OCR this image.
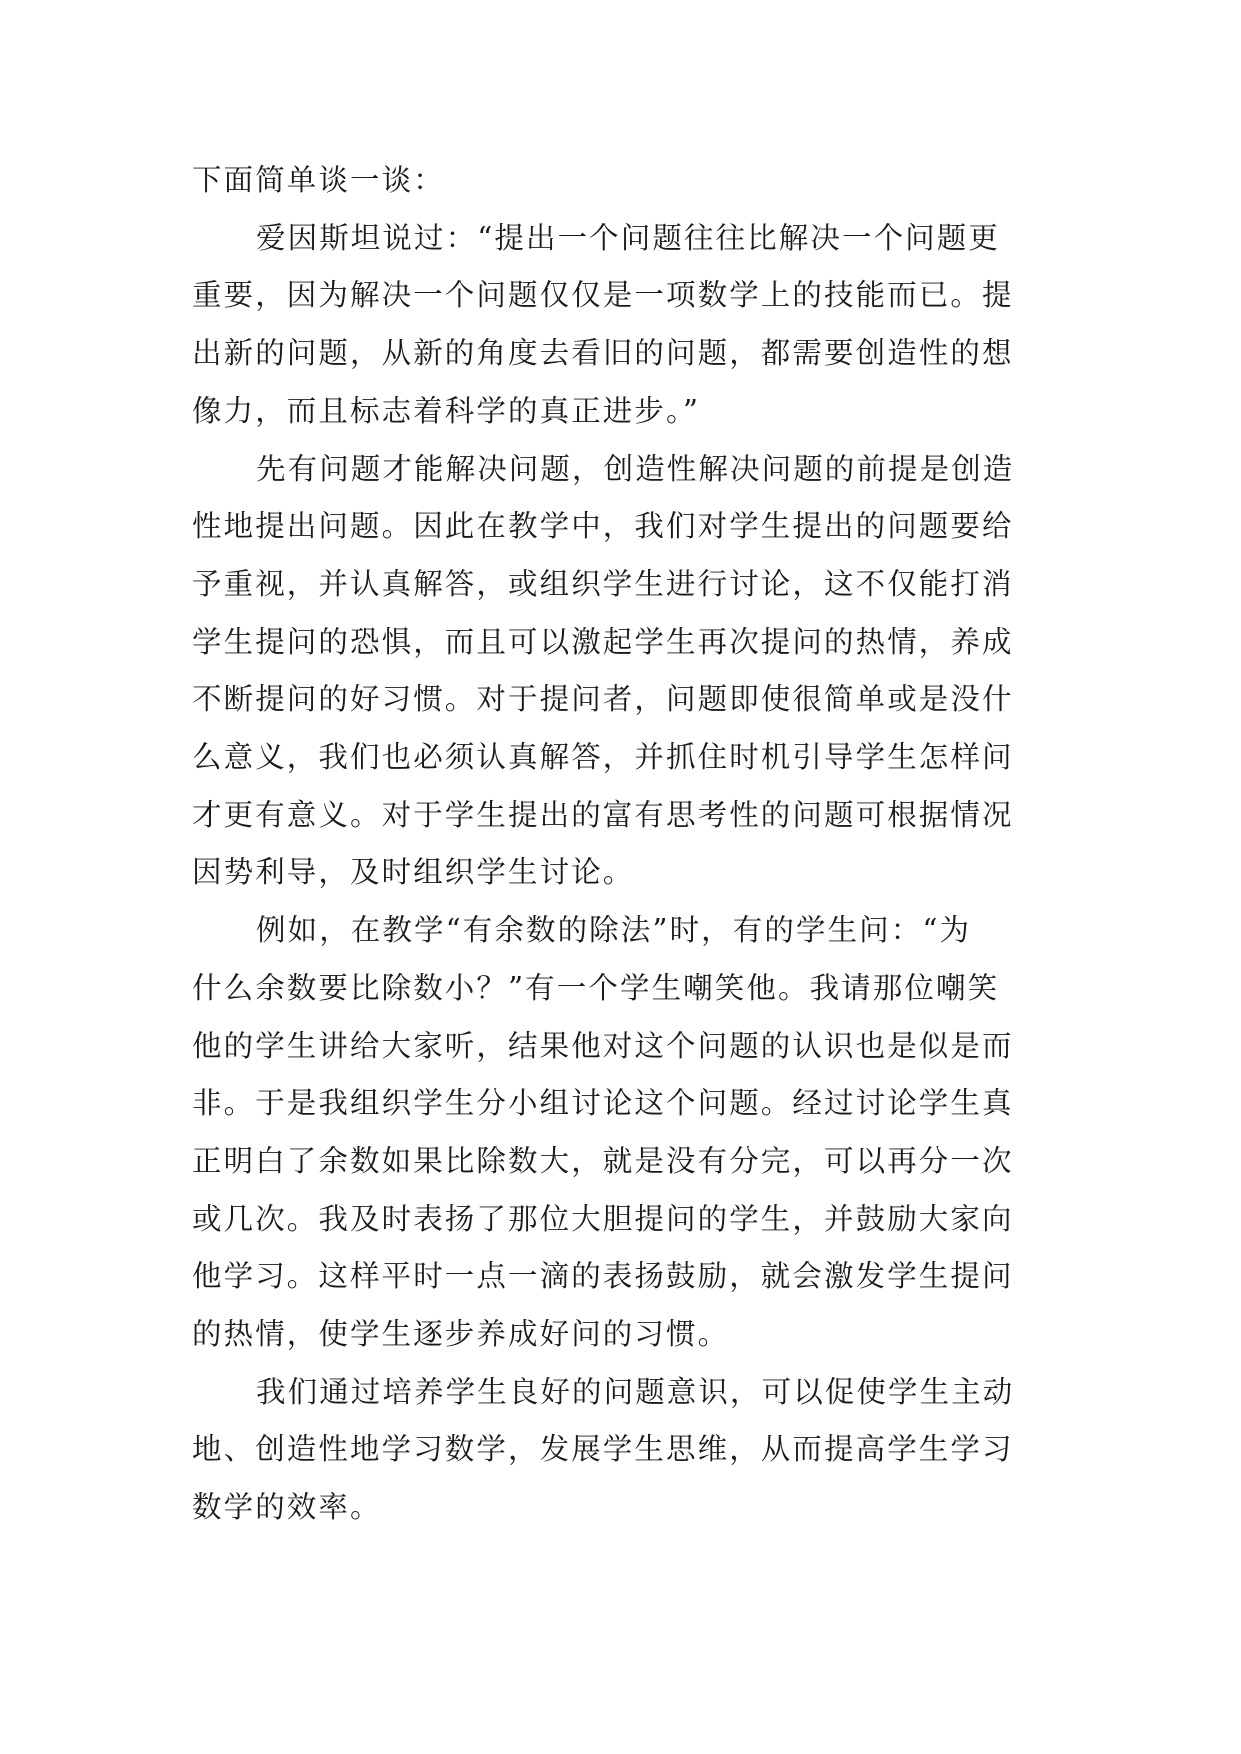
下面简单谈一谈：

爱因斯坦说过：“提出一个问题往往比解决一个问题更

重要，因为解决一个问题仅仅是一项数学上的技能而已。提

出新的问题，从新的角度去看旧的问题，都需要创造性的想

像力，而且标志着科学的真正进步。”

先有问题才能解决问题，创造性解决问题的前提是创造

性地提出问题。因此在教学中，我们对学生提出的问题要给

予重视，并认真解答，或组织学生进行讨论，这不仅能打消

学生提问的恐惧，而且可以激起学生再次提问的热情，养成

不断提问的好习惯。对于提问者，问题即使很简单或是没什

么意义，我们也必须认真解答，并抓住时机引导学生怎样问

才更有意义。对于学生提出的富有思考性的问题可根据情况

因势利导，及时组织学生讨论。

例如，在教学“有余数的除法”时，有的学生问：“为

什么余数要比除数小？”有一个学生嘲笑他。我请那位嘲笑

他的学生讲给大家听，结果他对这个问题的认识也是似是而

非。于是我组织学生分小组讨论这个问题。经过讨论学生真

正明白了余数如果比除数大，就是没有分完，可以再分一次

或几次。我及时表扬了那位大胆提问的学生，并鼓励大家向

他学习。这样平时一点一滴的表扬鼓励，就会激发学生提问

的热情，使学生逐步养成好问的习惯。

我们通过培养学生良好的问题意识，可以促使学生主动

地、创造性地学习数学，发展学生思维，从而提高学生学习

数学的效率。
